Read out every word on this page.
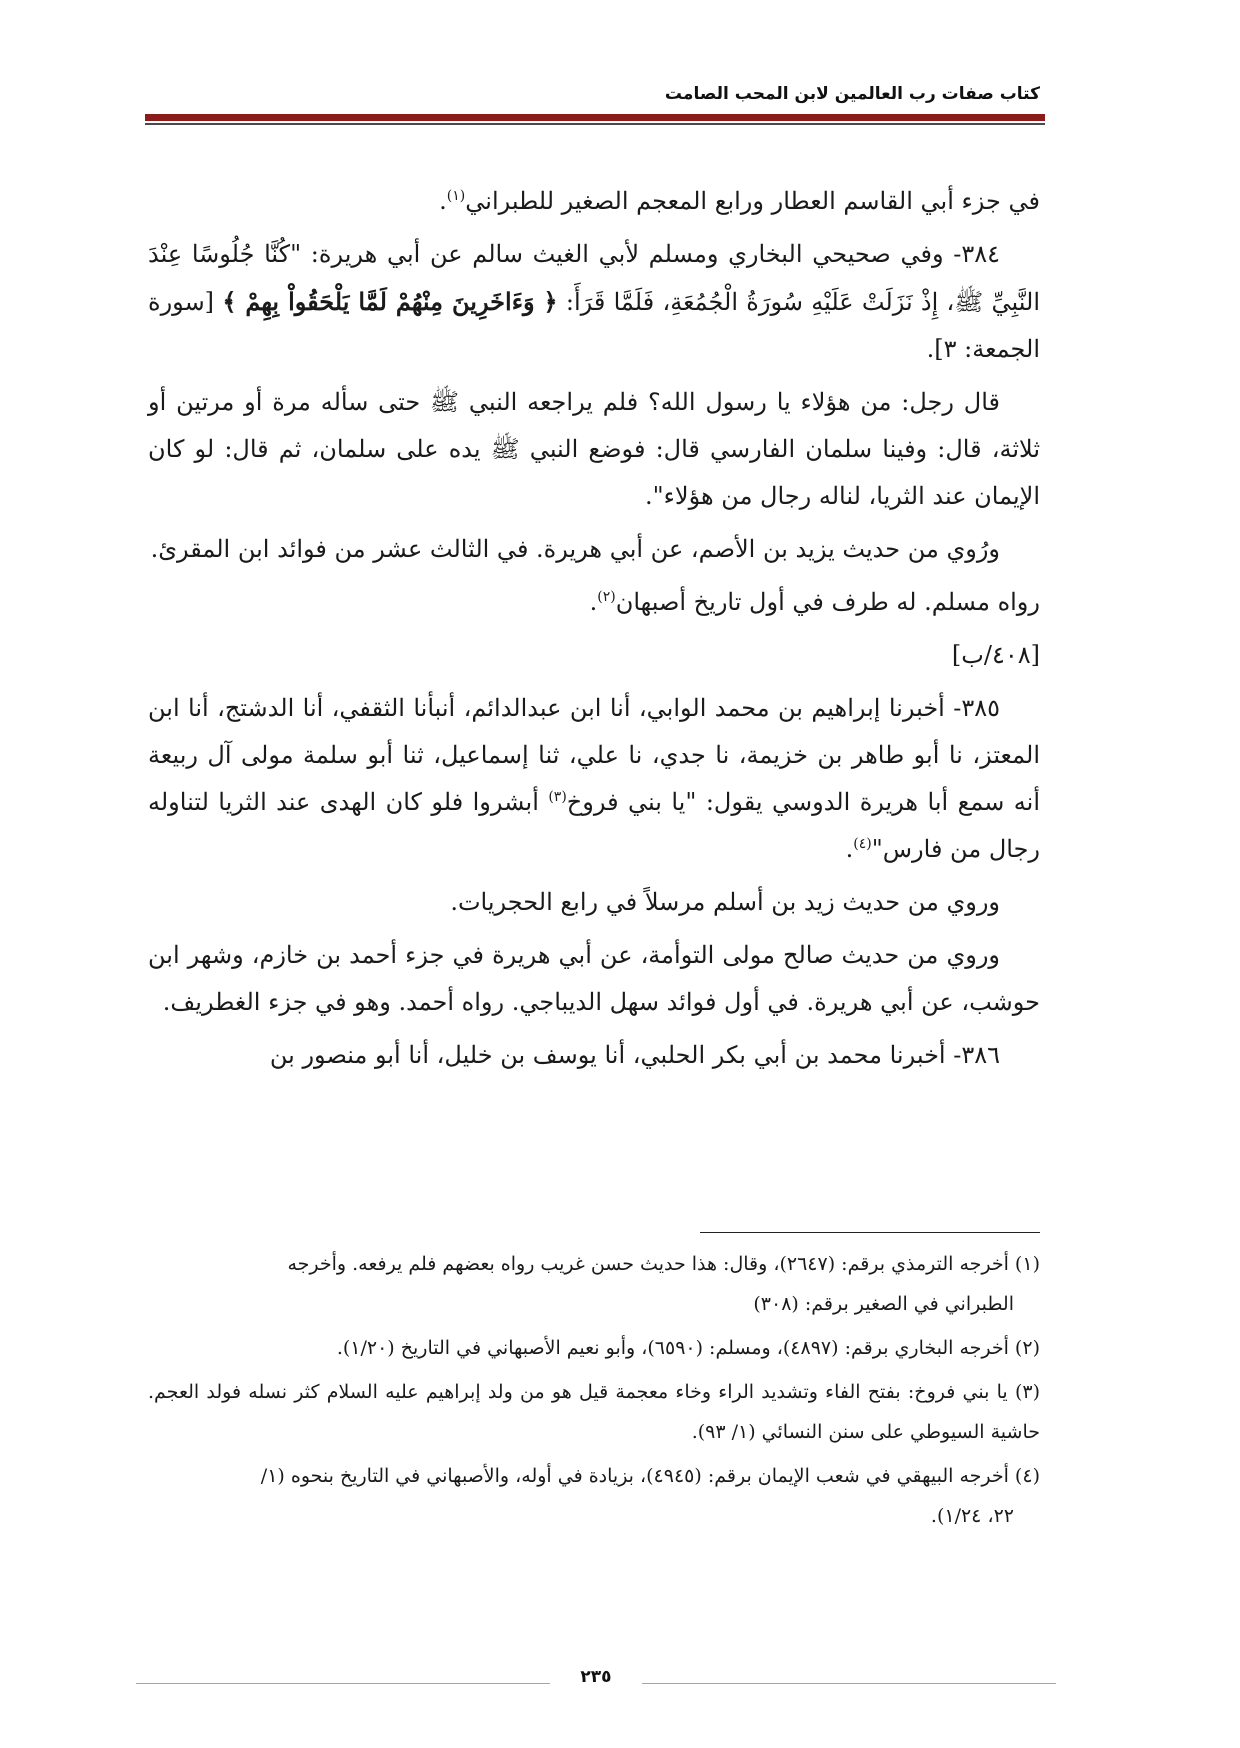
كتاب صفات رب العالمين لابن المحب الصامت

في جزء أبي القاسم العطار ورابع المعجم الصغير للطبراني$^{(١)}$.

٣٨٤- وفي صحيحي البخاري ومسلم لأبي الغيث سالم عن أبي هريرة: "كُنَّا جُلُوسًا عِنْدَ النَّبِيِّ ﷺ، إِذْ نَزَلَتْ عَلَيْهِ سُورَةُ الْجُمُعَةِ، فَلَمَّا قَرَأَ: ﴿ وَءَاخَرِينَ مِنْهُمْ لَمَّا يَلْحَقُواْ بِهِمْ ﴾ [سورة الجمعة: ٣].

قال رجل: من هؤلاء يا رسول الله؟ فلم يراجعه النبي ﷺ حتى سأله مرة أو مرتين أو ثلاثة، قال: وفينا سلمان الفارسي قال: فوضع النبي ﷺ يده على سلمان، ثم قال: لو كان الإيمان عند الثريا، لناله رجال من هؤلاء".

ورُوي من حديث يزيد بن الأصم، عن أبي هريرة. في الثالث عشر من فوائد ابن المقرئ.

رواه مسلم. له طرف في أول تاريخ أصبهان$^{(٢)}$.

[٤٠٨/ب]

٣٨٥- أخبرنا إبراهيم بن محمد الوابي، أنا ابن عبدالدائم، أنبأنا الثقفي، أنا الدشتج، أنا ابن المعتز، نا أبو طاهر بن خزيمة، نا جدي، نا علي، ثنا إسماعيل، ثنا أبو سلمة مولى آل ربيعة أنه سمع أبا هريرة الدوسي يقول: "يا بني فروخ$^{(٣)}$ أبشروا فلو كان الهدى عند الثريا لتناوله رجال من فارس"$^{(٤)}$.

وروي من حديث زيد بن أسلم مرسلاً في رابع الحجريات.

وروي من حديث صالح مولى التوأمة، عن أبي هريرة في جزء أحمد بن خازم، وشهر ابن حوشب، عن أبي هريرة. في أول فوائد سهل الديباجي. رواه أحمد. وهو في جزء الغطريف.

٣٨٦- أخبرنا محمد بن أبي بكر الحلبي، أنا يوسف بن خليل، أنا أبو منصور بن

(١) أخرجه الترمذي برقم: (٢٦٤٧)، وقال: هذا حديث حسن غريب رواه بعضهم فلم يرفعه. وأخرجه
الطبراني في الصغير برقم: (٣٠٨)

(٢) أخرجه البخاري برقم: (٤٨٩٧)، ومسلم: (٦٥٩٠)، وأبو نعيم الأصبهاني في التاريخ (١/٢٠).

(٣) يا بني فروخ: بفتح الفاء وتشديد الراء وخاء معجمة قيل هو من ولد إبراهيم عليه السلام كثر نسله فولد العجم. حاشية السيوطي على سنن النسائي (١/ ٩٣).

(٤) أخرجه البيهقي في شعب الإيمان برقم: (٤٩٤٥)، بزيادة في أوله، والأصبهاني في التاريخ بنحوه (١/
٢٢، ١/٢٤).

٢٣٥
